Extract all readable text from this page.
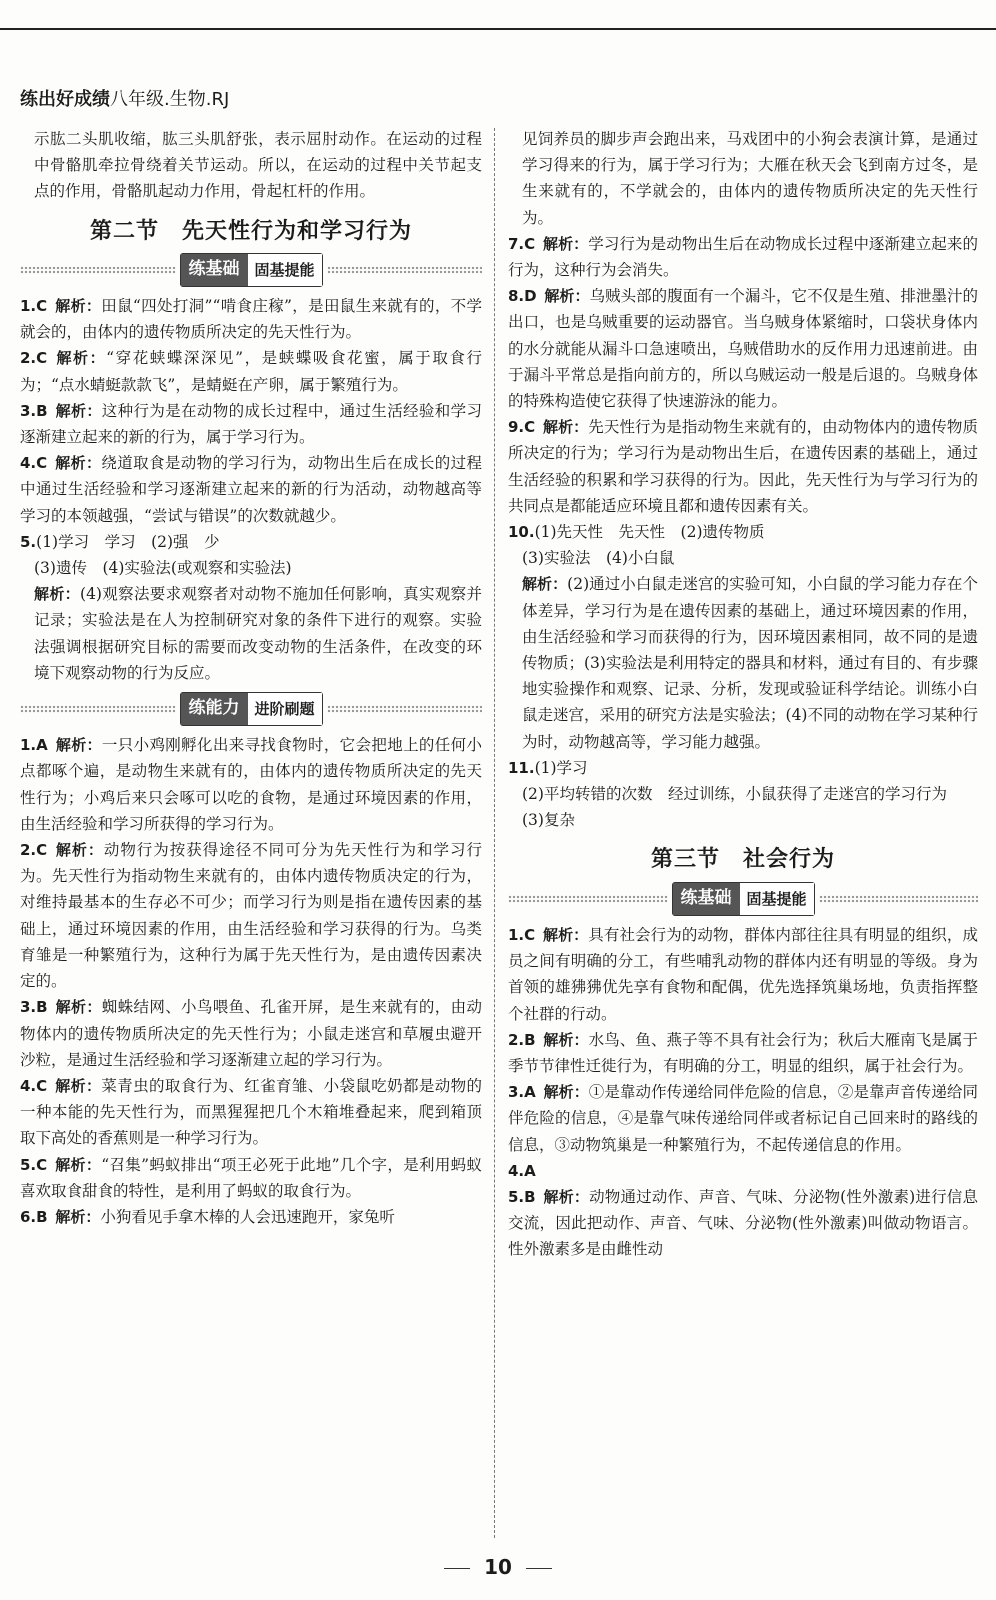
练出好成绩八年级.生物.RJ

示肱二头肌收缩，肱三头肌舒张，表示屈肘动作。在运动的过程中骨骼肌牵拉骨绕着关节运动。所以，在运动的过程中关节起支点的作用，骨骼肌起动力作用，骨起杠杆的作用。

第二节　先天性行为和学习行为
练基础	固基提能
1.C  解析：田鼠“四处打洞”“啃食庄稼”，是田鼠生来就有的，不学就会的，由体内的遗传物质所决定的先天性行为。
2.C  解析：“穿花蛱蝶深深见”，是蛱蝶吸食花蜜，属于取食行为；“点水蜻蜓款款飞”，是蜻蜓在产卵，属于繁殖行为。
3.B  解析：这种行为是在动物的成长过程中，通过生活经验和学习逐渐建立起来的新的行为，属于学习行为。
4.C  解析：绕道取食是动物的学习行为，动物出生后在成长的过程中通过生活经验和学习逐渐建立起来的新的行为活动，动物越高等学习的本领越强，“尝试与错误”的次数就越少。
5.(1)学习　学习　(2)强　少
(3)遗传　(4)实验法(或观察和实验法)
解析：(4)观察法要求观察者对动物不施加任何影响，真实观察并记录；实验法是在人为控制研究对象的条件下进行的观察。实验法强调根据研究目标的需要而改变动物的生活条件，在改变的环境下观察动物的行为反应。
练能力	进阶刷题
1.A  解析：一只小鸡刚孵化出来寻找食物时，它会把地上的任何小点都啄个遍，是动物生来就有的，由体内的遗传物质所决定的先天性行为；小鸡后来只会啄可以吃的食物，是通过环境因素的作用，由生活经验和学习所获得的学习行为。
2.C  解析：动物行为按获得途径不同可分为先天性行为和学习行为。先天性行为指动物生来就有的，由体内遗传物质决定的行为，对维持最基本的生存必不可少；而学习行为则是指在遗传因素的基础上，通过环境因素的作用，由生活经验和学习获得的行为。乌类育雏是一种繁殖行为，这种行为属于先天性行为，是由遗传因素决定的。
3.B  解析：蜘蛛结网、小鸟喂鱼、孔雀开屏，是生来就有的，由动物体内的遗传物质所决定的先天性行为；小鼠走迷宫和草履虫避开沙粒，是通过生活经验和学习逐渐建立起的学习行为。
4.C  解析：菜青虫的取食行为、红雀育雏、小袋鼠吃奶都是动物的一种本能的先天性行为，而黑猩猩把几个木箱堆叠起来，爬到箱顶取下高处的香蕉则是一种学习行为。
5.C  解析：“召集”蚂蚁排出“项王必死于此地”几个字，是利用蚂蚁喜欢取食甜食的特性，是利用了蚂蚁的取食行为。
6.B  解析：小狗看见手拿木棒的人会迅速跑开，家兔听

见饲养员的脚步声会跑出来，马戏团中的小狗会表演计算，是通过学习得来的行为，属于学习行为；大雁在秋天会飞到南方过冬，是生来就有的，不学就会的，由体内的遗传物质所决定的先天性行为。

7.C  解析：学习行为是动物出生后在动物成长过程中逐渐建立起来的行为，这种行为会消失。
8.D  解析：乌贼头部的腹面有一个漏斗，它不仅是生殖、排泄墨汁的出口，也是乌贼重要的运动器官。当乌贼身体紧缩时，口袋状身体内的水分就能从漏斗口急速喷出，乌贼借助水的反作用力迅速前进。由于漏斗平常总是指向前方的，所以乌贼运动一般是后退的。乌贼身体的特殊构造使它获得了快速游泳的能力。
9.C  解析：先天性行为是指动物生来就有的，由动物体内的遗传物质所决定的行为；学习行为是动物出生后，在遗传因素的基础上，通过生活经验的积累和学习获得的行为。因此，先天性行为与学习行为的共同点是都能适应环境且都和遗传因素有关。
10.(1)先天性　先天性　(2)遗传物质
(3)实验法　(4)小白鼠
解析：(2)通过小白鼠走迷宫的实验可知，小白鼠的学习能力存在个体差异，学习行为是在遗传因素的基础上，通过环境因素的作用，由生活经验和学习而获得的行为，因环境因素相同，故不同的是遗传物质；(3)实验法是利用特定的器具和材料，通过有目的、有步骤地实验操作和观察、记录、分析，发现或验证科学结论。训练小白鼠走迷宫，采用的研究方法是实验法；(4)不同的动物在学习某种行为时，动物越高等，学习能力越强。
11.(1)学习
(2)平均转错的次数　经过训练，小鼠获得了走迷宫的学习行为
(3)复杂
第三节　社会行为
练基础	固基提能
1.C  解析：具有社会行为的动物，群体内部往往具有明显的组织，成员之间有明确的分工，有些哺乳动物的群体内还有明显的等级。身为首领的雄狒狒优先享有食物和配偶，优先选择筑巢场地，负责指挥整个社群的行动。
2.B  解析：水鸟、鱼、燕子等不具有社会行为；秋后大雁南飞是属于季节节律性迁徙行为，有明确的分工，明显的组织，属于社会行为。
3.A  解析：①是靠动作传递给同伴危险的信息，②是靠声音传递给同伴危险的信息，④是靠气味传递给同伴或者标记自己回来时的路线的信息，③动物筑巢是一种繁殖行为，不起传递信息的作用。
4.A 
5.B  解析：动物通过动作、声音、气味、分泌物(性外激素)进行信息交流，因此把动作、声音、气味、分泌物(性外激素)叫做动物语言。性外激素多是由雌性动
10
